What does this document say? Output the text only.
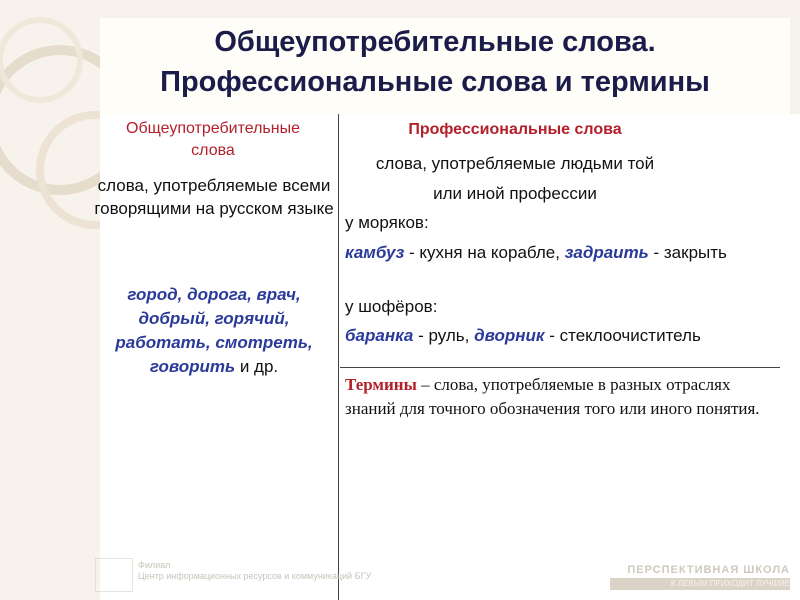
Общеупотребительные слова.
Профессиональные слова и термины
Общеупотребительные
слова
слова, употребляемые всеми говорящими на русском языке
город, дорога, врач, добрый, горячий, работать, смотреть, говорить и др.
Профессиональные слова
слова, употребляемые людьми той
или иной профессии
у моряков:
камбуз - кухня на корабле, задраить - закрыть
у шофёров:
баранка - руль, дворник - стеклоочиститель
Термины – слова, употребляемые в разных отраслях знаний для точного обозначения того или иного понятия.
Филиал
Центр информационных ресурсов и коммуникаций БГУ	ПЕРСПЕКТИВНАЯ ШКОЛА
К ЛЕВЫМ ПРИХОДИТ ЛУЧШИЕ
